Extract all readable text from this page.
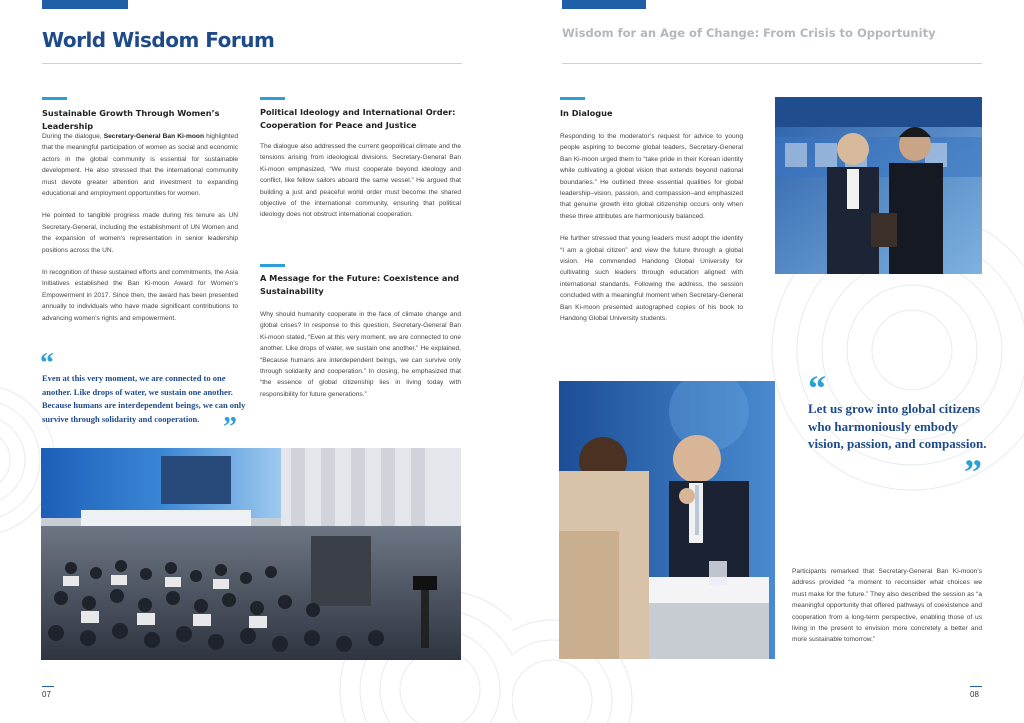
World Wisdom Forum
Sustainable Growth Through Women’s Leadership

During the dialogue, Secretary-General Ban Ki-moon highlighted that the meaningful participation of women as social and economic actors in the global community is essential for sustainable development. He also stressed that the international community must devote greater attention and investment to expanding educational and employment opportunities for women.

He pointed to tangible progress made during his tenure as UN Secretary-General, including the establishment of UN Women and the expansion of women’s representation in senior leadership positions across the UN.

In recognition of these sustained efforts and commitments, the Asia Initiatives established the Ban Ki-moon Award for Women’s Empowerment in 2017. Since then, the award has been presented annually to individuals who have made significant contributions to advancing women’s rights and empowerment.

“
Even at this very moment, we are connected to one another. Like drops of water, we sustain one another. Because humans are interdependent beings, we can only survive through solidarity and cooperation. ”
Political Ideology and International Order: Cooperation for Peace and Justice

The dialogue also addressed the current geopolitical climate and the tensions arising from ideological divisions. Secretary-General Ban Ki-moon emphasized, “We must cooperate beyond ideology and conflict, like fellow sailors aboard the same vessel.” He argued that building a just and peaceful world order must become the shared objective of the international community, ensuring that political ideology does not obstruct international cooperation.

A Message for the Future: Coexistence and Sustainability

Why should humanity cooperate in the face of climate change and global crises? In response to this question, Secretary-General Ban Ki-moon stated, “Even at this very moment, we are connected to one another. Like drops of water, we sustain one another.” He explained, “Because humans are interdependent beings, we can survive only through solidarity and cooperation.” In closing, he emphasized that “the essence of global citizenship lies in living today with responsibility for future generations.”

07
Wisdom for an Age of Change: From Crisis to Opportunity
In Dialogue

Responding to the moderator’s request for advice to young people aspiring to become global leaders, Secretary-General Ban Ki-moon urged them to “take pride in their Korean identity while cultivating a global vision that extends beyond national boundaries.” He outlined three essential qualities for global leadership–vision, passion, and compassion–and emphasized that genuine growth into global citizenship occurs only when these three attributes are harmoniously balanced.

He further stressed that young leaders must adopt the identity “I am a global citizen” and view the future through a global vision. He commended Handong Global University for cultivating such leaders through education aligned with international standards. Following the address, the session concluded with a meaningful moment when Secretary-General Ban Ki-moon presented autographed copies of his book to Handong Global University students.

“
Let us grow into global citizens who harmoniously embody vision, passion, and compassion.
”

Participants remarked that Secretary-General Ban Ki-moon’s address provided “a moment to reconsider what choices we must make for the future.” They also described the session as “a meaningful opportunity that offered pathways of coexistence and cooperation from a long-term perspective, enabling those of us living in the present to envision more concretely a better and more sustainable tomorrow.”

08
